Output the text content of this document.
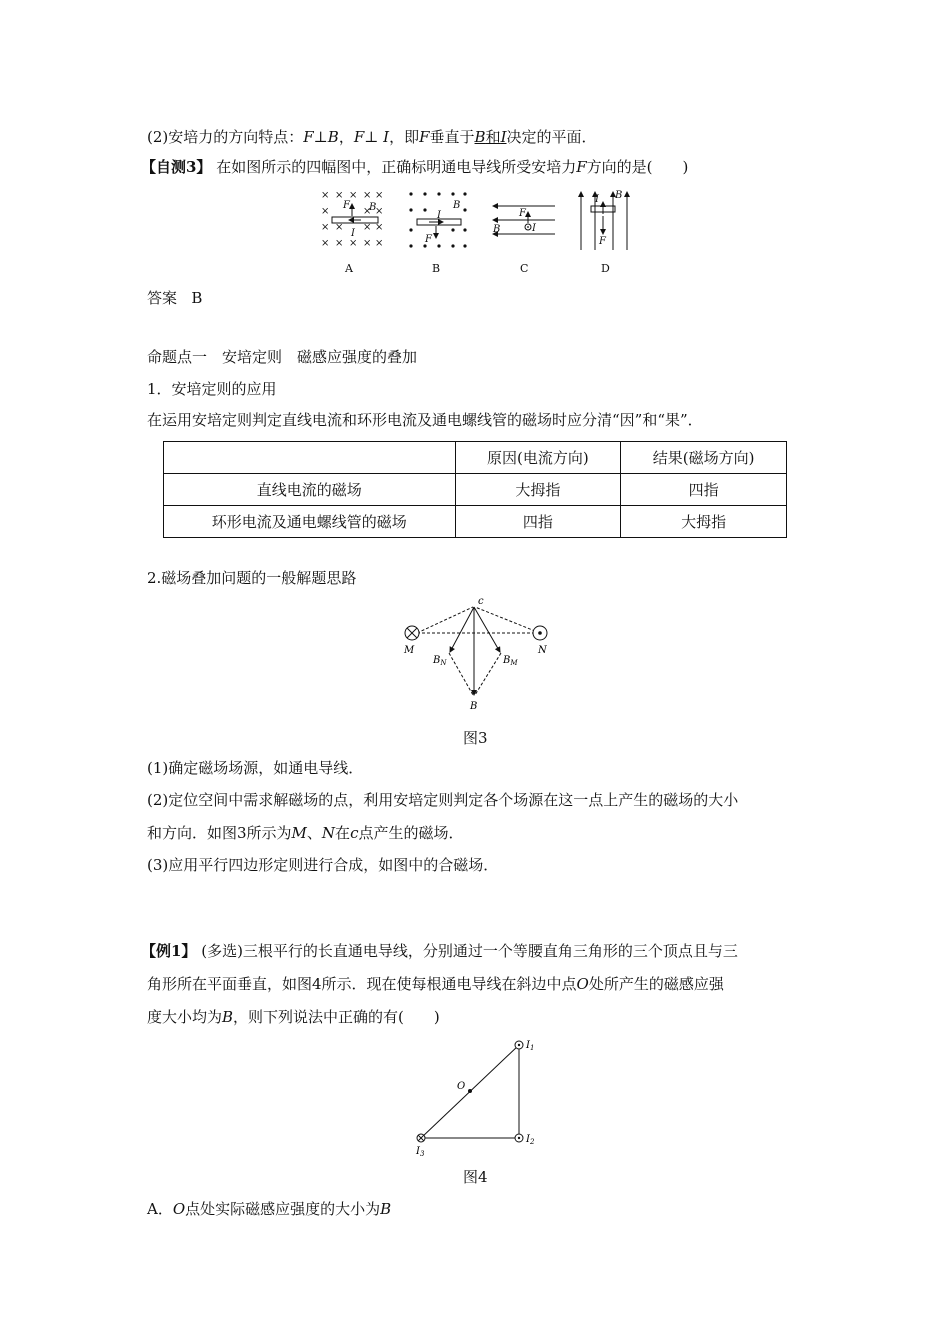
(2)安培力的方向特点：F⊥B，F⊥ I，即F垂直于B和I决定的平面．
【自测3】 在如图所示的四幅图中，正确标明通电导线所受安培力F方向的是(　　)
× × × × ×
×	× ×
× × × ×
× × × × ×
F B
I
A
I
B
F
B
F
I
B
C
I B
F
D
答案 B
命题点一　安培定则　磁感应强度的叠加
1．安培定则的应用
在运用安培定则判定直线电流和环形电流及通电螺线管的磁场时应分清“因”和“果”．
	原因(电流方向)	结果(磁场方向)
直线电流的磁场	大拇指	四指
环形电流及通电螺线管的磁场	四指	大拇指
2.磁场叠加问题的一般解题思路
c
M	N
$B_N$	$B_M$
B
图3
(1)确定磁场场源，如通电导线．
(2)定位空间中需求解磁场的点，利用安培定则判定各个场源在这一点上产生的磁场的大小
和方向．如图3所示为M、N在c点产生的磁场．
(3)应用平行四边形定则进行合成，如图中的合磁场．
【例1】 (多选)三根平行的长直通电导线，分别通过一个等腰直角三角形的三个顶点且与三
角形所在平面垂直，如图4所示．现在使每根通电导线在斜边中点O处所产生的磁感应强
度大小均为B，则下列说法中正确的有(　　)
O
$I_1$
$I_2$
$I_3$
图4
A．O点处实际磁感应强度的大小为B
